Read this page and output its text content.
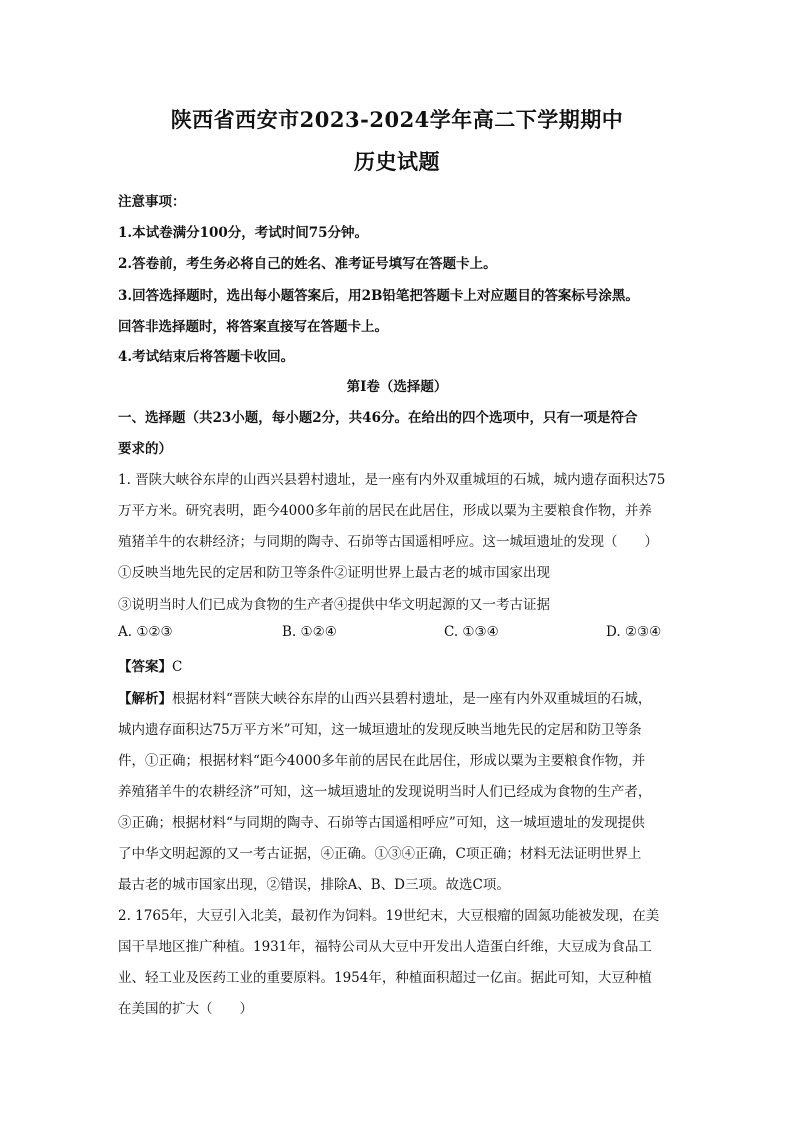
陕西省西安市2023-2024学年高二下学期期中
历史试题
注意事项：
1.本试卷满分100分，考试时间75分钟。
2.答卷前，考生务必将自己的姓名、准考证号填写在答题卡上。
3.回答选择题时，选出每小题答案后，用2B铅笔把答题卡上对应题目的答案标号涂黑。
回答非选择题时，将答案直接写在答题卡上。
4.考试结束后将答题卡收回。
第I卷（选择题）
一、选择题（共23小题，每小题2分，共46分。在给出的四个选项中，只有一项是符合
要求的）
1. 晋陕大峡谷东岸的山西兴县碧村遗址，是一座有内外双重城垣的石城，城内遗存面积达75
万平方米。研究表明，距今4000多年前的居民在此居住，形成以粟为主要粮食作物，并养
殖猪羊牛的农耕经济；与同期的陶寺、石峁等古国遥相呼应。这一城垣遗址的发现（　　）
①反映当地先民的定居和防卫等条件②证明世界上最古老的城市国家出现
③说明当时人们已成为食物的生产者④提供中华文明起源的又一考古证据
A. ①②③	B. ①②④	C. ①③④	D. ②③④
【答案】C
【解析】根据材料“晋陕大峡谷东岸的山西兴县碧村遗址，是一座有内外双重城垣的石城，
城内遗存面积达75万平方米”可知，这一城垣遗址的发现反映当地先民的定居和防卫等条
件，①正确；根据材料“距今4000多年前的居民在此居住，形成以粟为主要粮食作物，并
养殖猪羊牛的农耕经济”可知，这一城垣遗址的发现说明当时人们已经成为食物的生产者，
③正确；根据材料“与同期的陶寺、石峁等古国遥相呼应”可知，这一城垣遗址的发现提供
了中华文明起源的又一考古证据，④正确。①③④正确，C项正确；材料无法证明世界上
最古老的城市国家出现，②错误，排除A、B、D三项。故选C项。
2. 1765年，大豆引入北美，最初作为饲料。19世纪末，大豆根瘤的固氮功能被发现，在美
国干旱地区推广种植。1931年，福特公司从大豆中开发出人造蛋白纤维，大豆成为食品工
业、轻工业及医药工业的重要原料。1954年，种植面积超过一亿亩。据此可知，大豆种植
在美国的扩大（　　）
